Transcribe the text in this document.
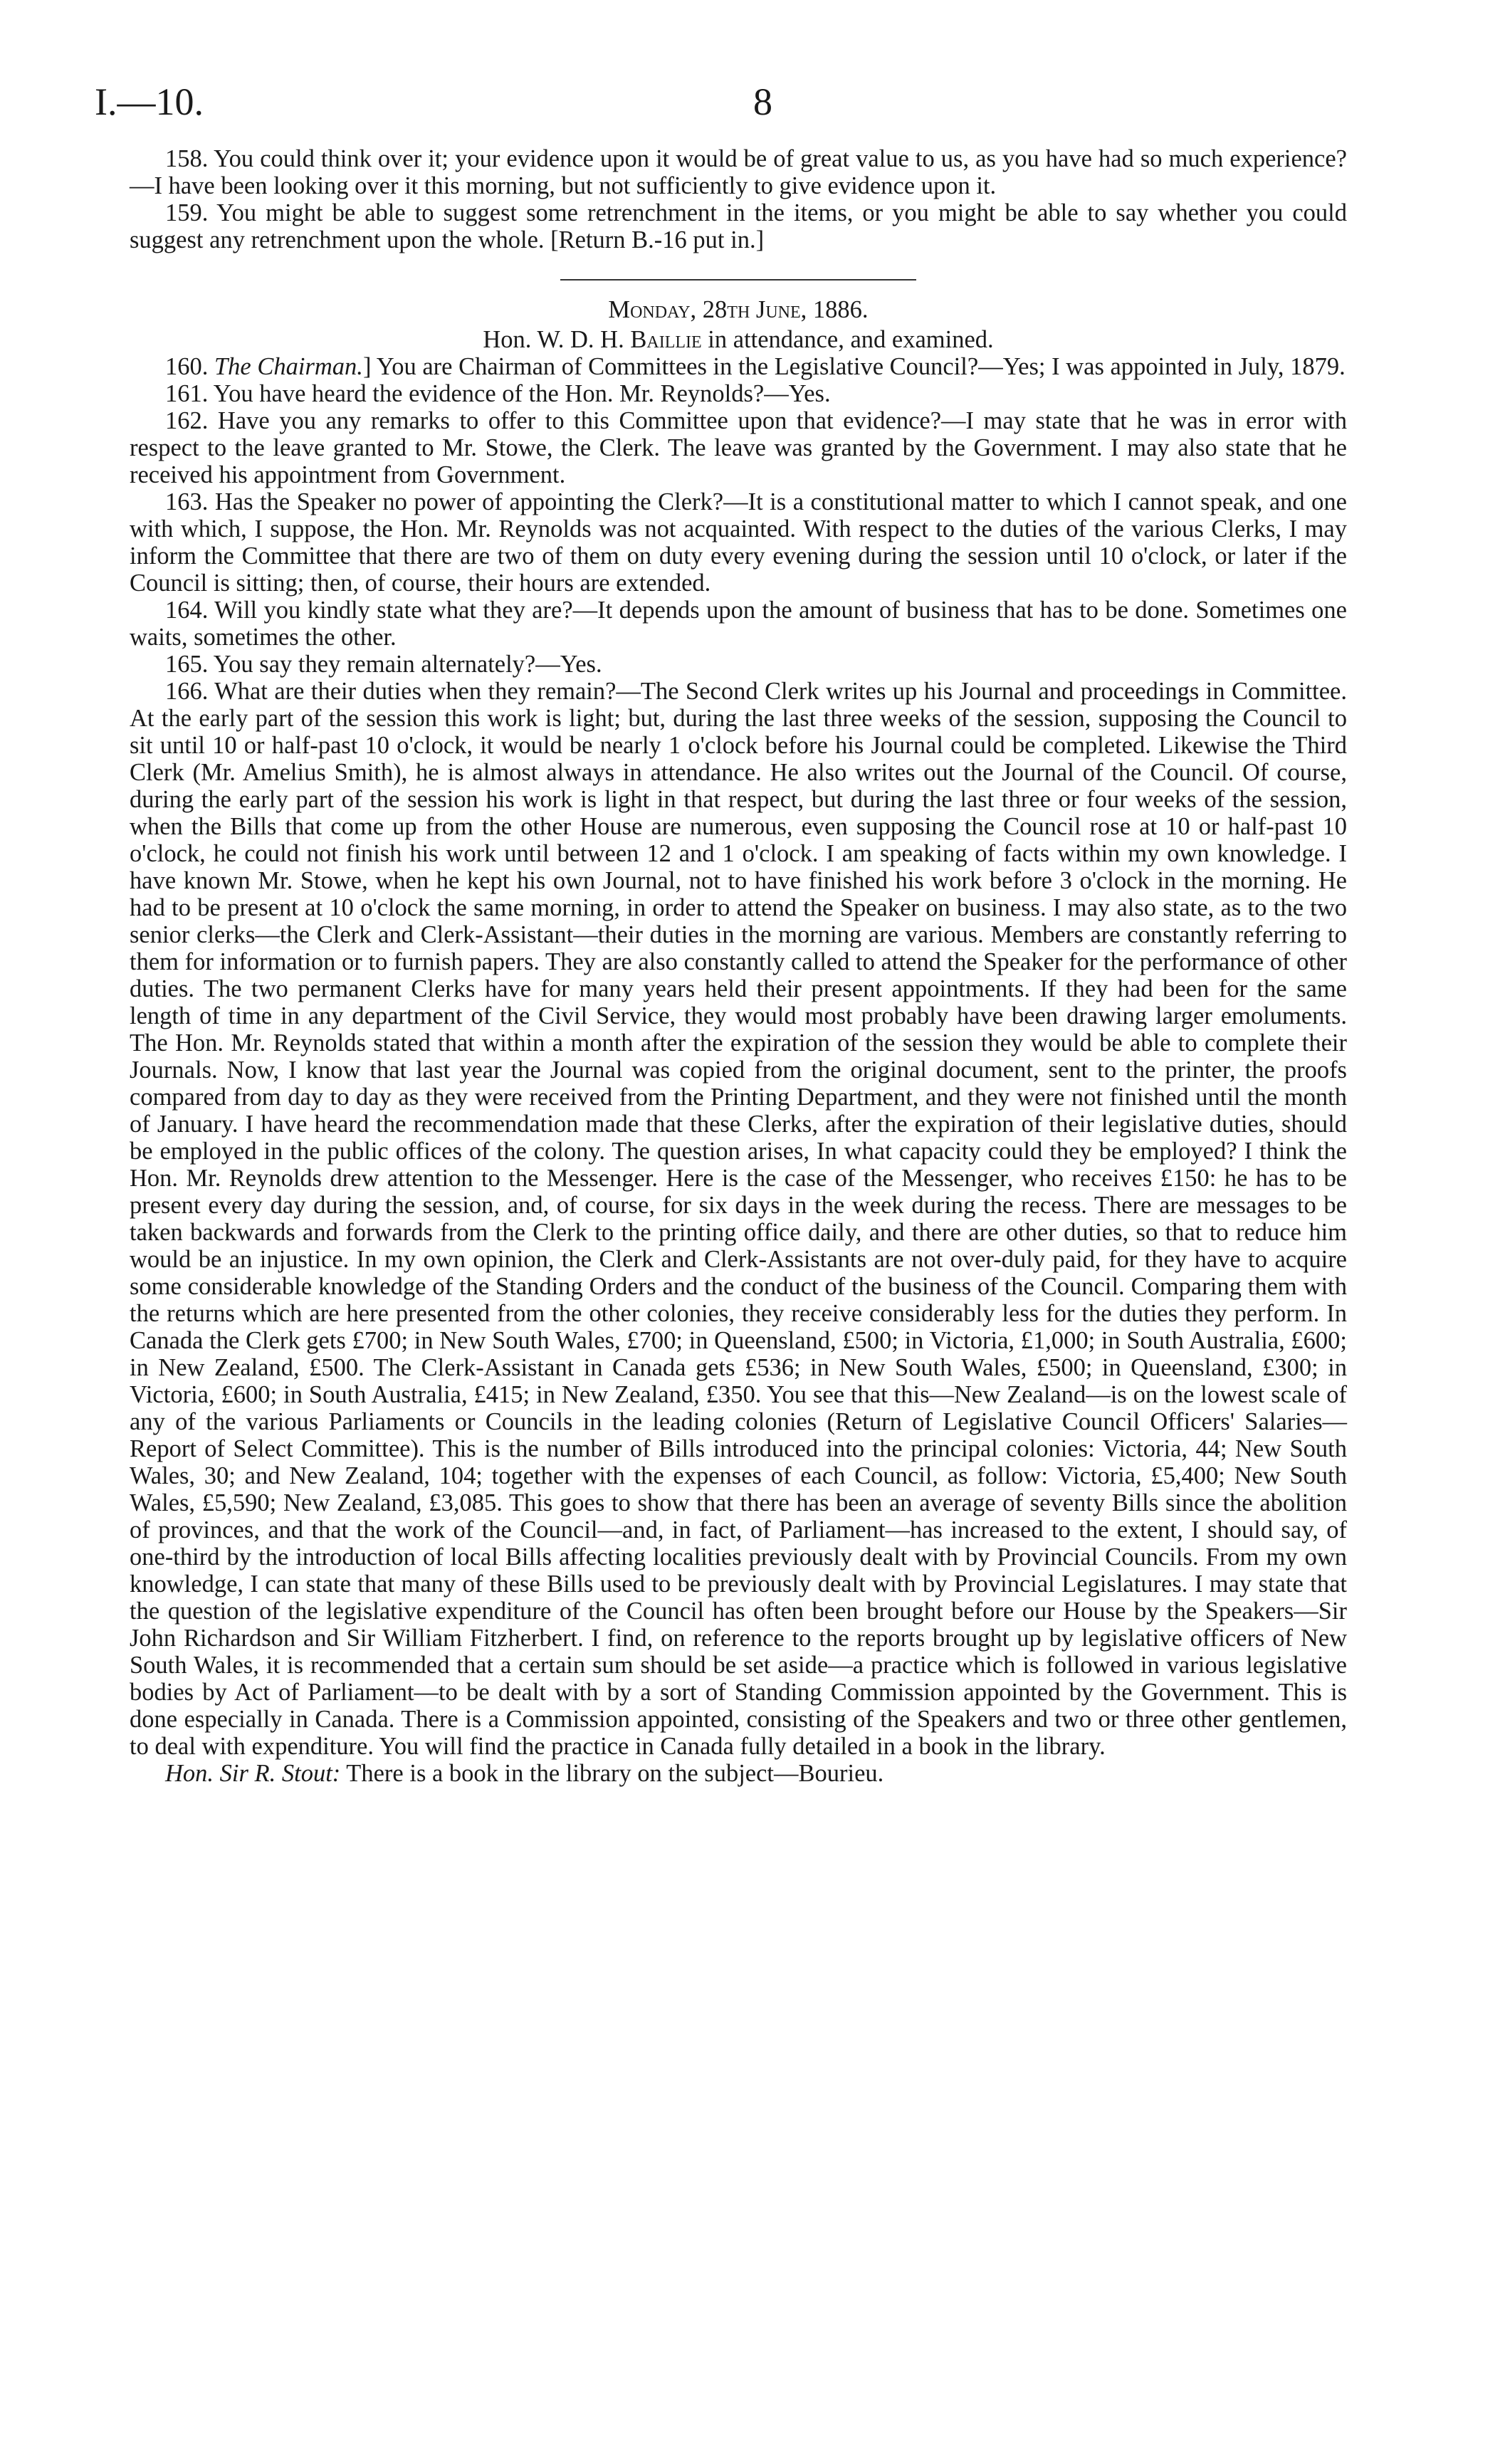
I.—10.	8

158. You could think over it; your evidence upon it would be of great value to us, as you have had so much experience?—I have been looking over it this morning, but not sufficiently to give evidence upon it.

159. You might be able to suggest some retrenchment in the items, or you might be able to say whether you could suggest any retrenchment upon the whole. [Return B.-16 put in.]

Monday, 28th June, 1886.

Hon. W. D. H. Baillie in attendance, and examined.

160. The Chairman.] You are Chairman of Committees in the Legislative Council?—Yes; I was appointed in July, 1879.

161. You have heard the evidence of the Hon. Mr. Reynolds?—Yes.

162. Have you any remarks to offer to this Committee upon that evidence?—I may state that he was in error with respect to the leave granted to Mr. Stowe, the Clerk. The leave was granted by the Government. I may also state that he received his appointment from Government.

163. Has the Speaker no power of appointing the Clerk?—It is a constitutional matter to which I cannot speak, and one with which, I suppose, the Hon. Mr. Reynolds was not acquainted. With respect to the duties of the various Clerks, I may inform the Committee that there are two of them on duty every evening during the session until 10 o'clock, or later if the Council is sitting; then, of course, their hours are extended.

164. Will you kindly state what they are?—It depends upon the amount of business that has to be done. Sometimes one waits, sometimes the other.

165. You say they remain alternately?—Yes.

166. What are their duties when they remain?—The Second Clerk writes up his Journal and proceedings in Committee. At the early part of the session this work is light; but, during the last three weeks of the session, supposing the Council to sit until 10 or half-past 10 o'clock, it would be nearly 1 o'clock before his Journal could be completed. Likewise the Third Clerk (Mr. Amelius Smith), he is almost always in attendance. He also writes out the Journal of the Council. Of course, during the early part of the session his work is light in that respect, but during the last three or four weeks of the session, when the Bills that come up from the other House are numerous, even supposing the Council rose at 10 or half-past 10 o'clock, he could not finish his work until between 12 and 1 o'clock. I am speaking of facts within my own knowledge. I have known Mr. Stowe, when he kept his own Journal, not to have finished his work before 3 o'clock in the morning. He had to be present at 10 o'clock the same morning, in order to attend the Speaker on business. I may also state, as to the two senior clerks—the Clerk and Clerk-Assistant—their duties in the morning are various. Members are constantly referring to them for information or to furnish papers. They are also constantly called to attend the Speaker for the performance of other duties. The two permanent Clerks have for many years held their present appointments. If they had been for the same length of time in any department of the Civil Service, they would most probably have been drawing larger emoluments. The Hon. Mr. Reynolds stated that within a month after the expiration of the session they would be able to complete their Journals. Now, I know that last year the Journal was copied from the original document, sent to the printer, the proofs compared from day to day as they were received from the Printing Department, and they were not finished until the month of January. I have heard the recommendation made that these Clerks, after the expiration of their legislative duties, should be employed in the public offices of the colony. The question arises, In what capacity could they be employed? I think the Hon. Mr. Reynolds drew attention to the Messenger. Here is the case of the Messenger, who receives £150: he has to be present every day during the session, and, of course, for six days in the week during the recess. There are messages to be taken backwards and forwards from the Clerk to the printing office daily, and there are other duties, so that to reduce him would be an injustice. In my own opinion, the Clerk and Clerk-Assistants are not over-duly paid, for they have to acquire some considerable knowledge of the Standing Orders and the conduct of the business of the Council. Comparing them with the returns which are here presented from the other colonies, they receive considerably less for the duties they perform. In Canada the Clerk gets £700; in New South Wales, £700; in Queensland, £500; in Victoria, £1,000; in South Australia, £600; in New Zealand, £500. The Clerk-Assistant in Canada gets £536; in New South Wales, £500; in Queensland, £300; in Victoria, £600; in South Australia, £415; in New Zealand, £350. You see that this—New Zealand—is on the lowest scale of any of the various Parliaments or Councils in the leading colonies (Return of Legislative Council Officers' Salaries—Report of Select Committee). This is the number of Bills introduced into the principal colonies: Victoria, 44; New South Wales, 30; and New Zealand, 104; together with the expenses of each Council, as follow: Victoria, £5,400; New South Wales, £5,590; New Zealand, £3,085. This goes to show that there has been an average of seventy Bills since the abolition of provinces, and that the work of the Council—and, in fact, of Parliament—has increased to the extent, I should say, of one-third by the introduction of local Bills affecting localities previously dealt with by Provincial Councils. From my own knowledge, I can state that many of these Bills used to be previously dealt with by Provincial Legislatures. I may state that the question of the legislative expenditure of the Council has often been brought before our House by the Speakers—Sir John Richardson and Sir William Fitzherbert. I find, on reference to the reports brought up by legislative officers of New South Wales, it is recommended that a certain sum should be set aside—a practice which is followed in various legislative bodies by Act of Parliament—to be dealt with by a sort of Standing Commission appointed by the Government. This is done especially in Canada. There is a Commission appointed, consisting of the Speakers and two or three other gentlemen, to deal with expenditure. You will find the practice in Canada fully detailed in a book in the library.

Hon. Sir R. Stout: There is a book in the library on the subject—Bourieu.
